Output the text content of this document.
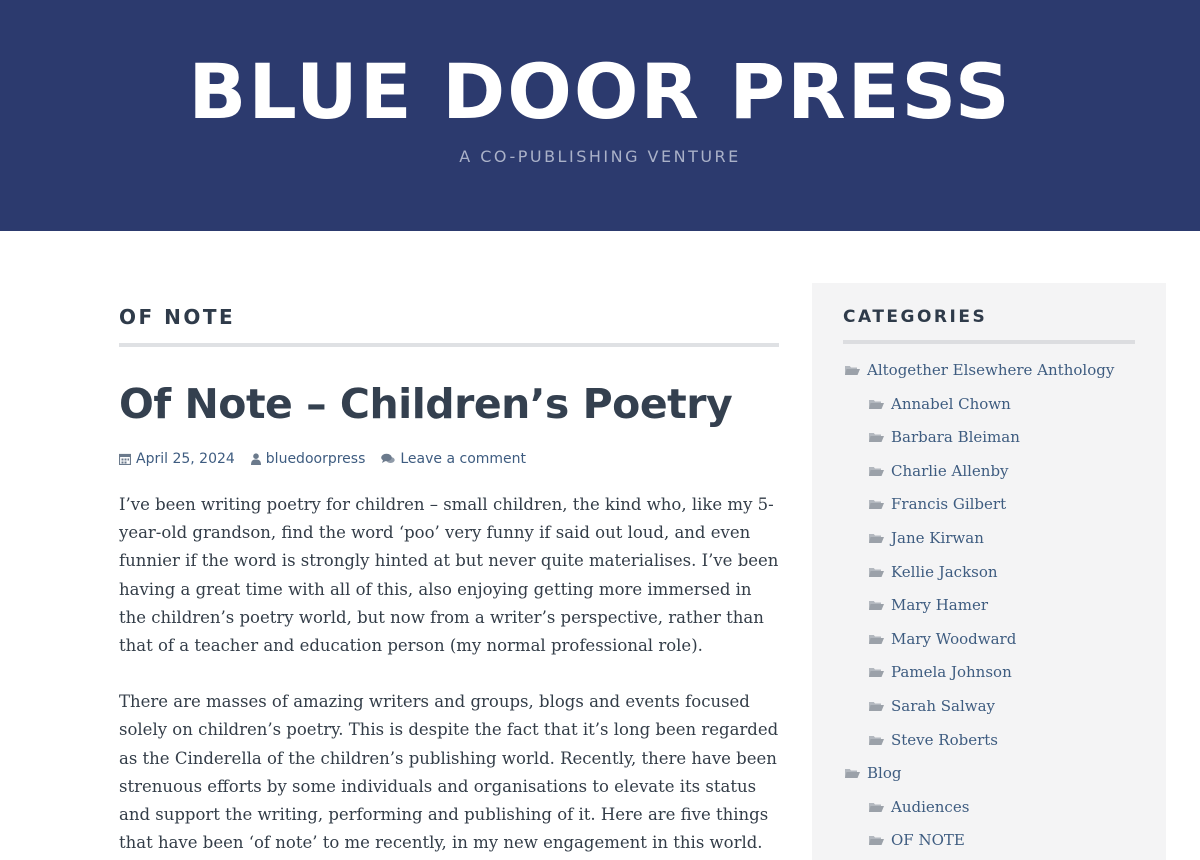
BLUE DOOR PRESS
A CO-PUBLISHING VENTURE
OF NOTE
Of Note – Children’s Poetry
April 25, 2024 bluedoorpress	Leave a comment

I’ve been writing poetry for children – small children, the kind who, like my 5-year-old grandson, find the word ‘poo’ very funny if said out loud, and even funnier if the word is strongly hinted at but never quite materialises. I’ve been having a great time with all of this, also enjoying getting more immersed in the children’s poetry world, but now from a writer’s perspective, rather than that of a teacher and education person (my normal professional role).

There are masses of amazing writers and groups, blogs and events focused solely on children’s poetry. This is despite the fact that it’s long been regarded as the Cinderella of the children’s publishing world. Recently, there have been strenuous efforts by some individuals and organisations to elevate its status and support the writing, performing and publishing of it. Here are five things that have been ‘of note’ to me recently, in my new engagement in this world.

CATEGORIES
Altogether Elsewhere Anthology
Annabel Chown
Barbara Bleiman
Charlie Allenby
Francis Gilbert
Jane Kirwan
Kellie Jackson
Mary Hamer
Mary Woodward
Pamela Johnson
Sarah Salway
Steve Roberts
Blog
Audiences
OF NOTE
